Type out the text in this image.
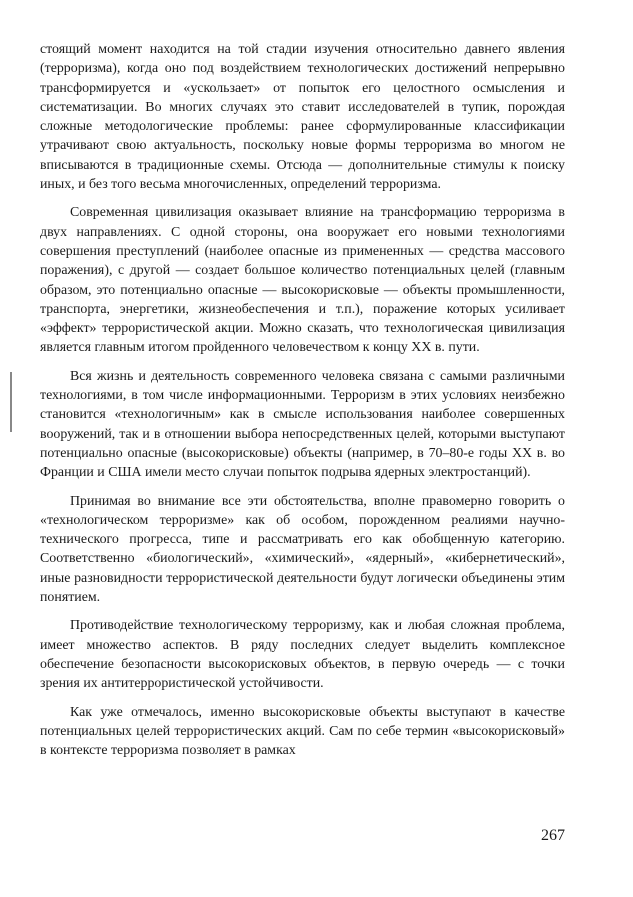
стоящий момент находится на той стадии изучения относительно давнего явления (терроризма), когда оно под воздействием технологических достижений непрерывно трансформируется и «ускользает» от попыток его целостного осмысления и систематизации. Во многих случаях это ставит исследователей в тупик, порождая сложные методологические проблемы: ранее сформулированные классификации утрачивают свою актуальность, поскольку новые формы терроризма во многом не вписываются в традиционные схемы. Отсюда — дополнительные стимулы к поиску иных, и без того весьма многочисленных, определений терроризма.

Современная цивилизация оказывает влияние на трансформацию терроризма в двух направлениях. С одной стороны, она вооружает его новыми технологиями совершения преступлений (наиболее опасные из примененных — средства массового поражения), с другой — создает большое количество потенциальных целей (главным образом, это потенциально опасные — высокорисковые — объекты промышленности, транспорта, энергетики, жизнеобеспечения и т.п.), поражение которых усиливает «эффект» террористической акции. Можно сказать, что технологическая цивилизация является главным итогом пройденного человечеством к концу XX в. пути.

Вся жизнь и деятельность современного человека связана с самыми различными технологиями, в том числе информационными. Терроризм в этих условиях неизбежно становится «технологичным» как в смысле использования наиболее совершенных вооружений, так и в отношении выбора непосредственных целей, которыми выступают потенциально опасные (высокорисковые) объекты (например, в 70–80-е годы XX в. во Франции и США имели место случаи попыток подрыва ядерных электростанций).

Принимая во внимание все эти обстоятельства, вполне правомерно говорить о «технологическом терроризме» как об особом, порожденном реалиями научно-технического прогресса, типе и рассматривать его как обобщенную категорию. Соответственно «биологический», «химический», «ядерный», «кибернетический», иные разновидности террористической деятельности будут логически объединены этим понятием.

Противодействие технологическому терроризму, как и любая сложная проблема, имеет множество аспектов. В ряду последних следует выделить комплексное обеспечение безопасности высокорисковых объектов, в первую очередь — с точки зрения их антитеррористической устойчивости.

Как уже отмечалось, именно высокорисковые объекты выступают в качестве потенциальных целей террористических акций. Сам по себе термин «высокорисковый» в контексте терроризма позволяет в рамках

267
